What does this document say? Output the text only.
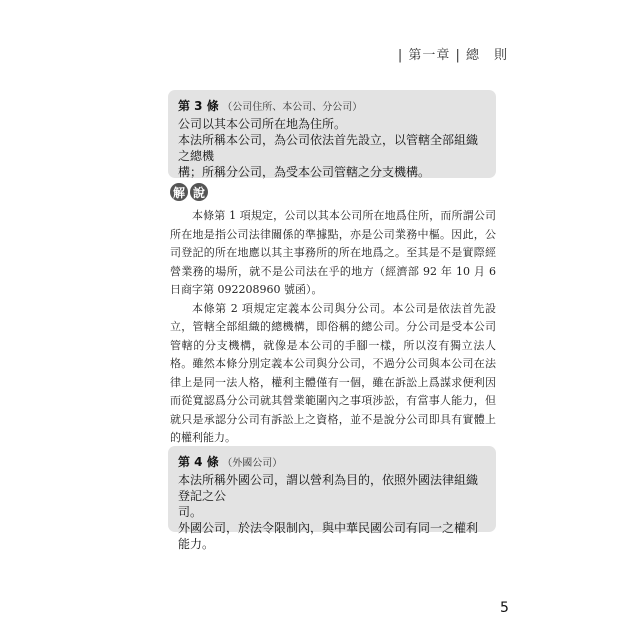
| 第一章 | 總　則
第 3 條 （公司住所、本公司、分公司）

公司以其本公司所在地為住所。

本法所稱本公司，為公司依法首先設立，以管轄全部組織之總機

構；所稱分公司，為受本公司管轄之分支機構。

解 說

本條第 1 項規定，公司以其本公司所在地爲住所，而所謂公司所在地是指公司法律關係的準據點，亦是公司業務中樞。因此，公司登記的所在地應以其主事務所的所在地爲之。至其是不是實際經營業務的場所，就不是公司法在乎的地方（經濟部 92 年 10 月 6 日商字第 09220896​0 號函）。

本條第 2 項規定定義本公司與分公司。本公司是依法首先設立，管轄全部組織的總機構，即俗稱的總公司。分公司是受本公司管轄的分支機構，就像是本公司的手腳一樣，所以沒有獨立法人格。雖然本條分別定義本公司與分公司，不過分公司與本公司在法律上是同一法人格，權利主體僅有一個，雖在訴訟上爲謀求便利因而從寬認爲分公司就其營業範圍內之事項涉訟，有當事人能力，但就只是承認分公司有訴訟上之資格，並不是說分公司即具有實體上的權利能力。

第 4 條 （外國公司）

本法所稱外國公司，謂以營利為目的，依照外國法律組織登記之公

司。

外國公司，於法令限制內，與中華民國公司有同一之權利能力。

5
